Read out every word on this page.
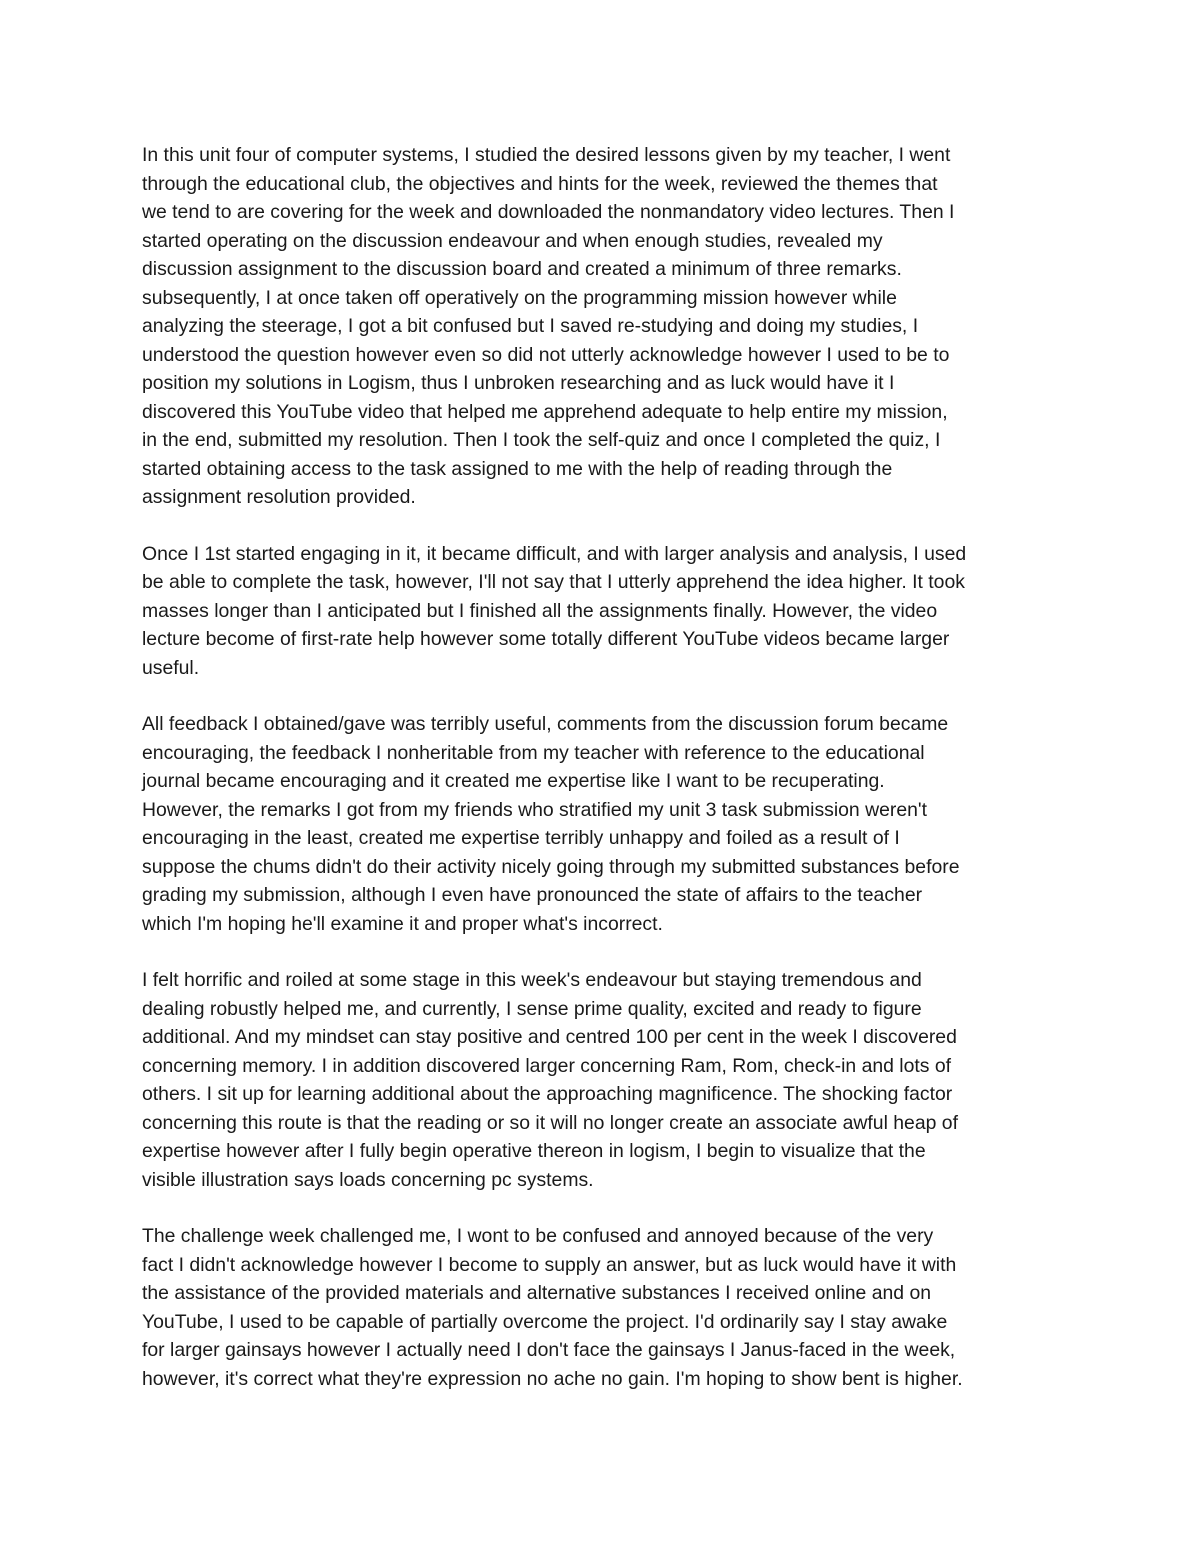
In this unit four of computer systems, I studied the desired lessons given by my teacher, I went
through the educational club, the objectives and hints for the week, reviewed the themes that
we tend to are covering for the week and downloaded the nonmandatory video lectures. Then I
started operating on the discussion endeavour and when enough studies, revealed my
discussion assignment to the discussion board and created a minimum of three remarks.
subsequently, I at once taken off operatively on the programming mission however while
analyzing the steerage, I got a bit confused but I saved re-studying and doing my studies, I
understood the question however even so did not utterly acknowledge however I used to be to
position my solutions in Logism, thus I unbroken researching and as luck would have it I
discovered this YouTube video that helped me apprehend adequate to help entire my mission,
in the end, submitted my resolution. Then I took the self-quiz and once I completed the quiz, I
started obtaining access to the task assigned to me with the help of reading through the
assignment resolution provided.

Once I 1st started engaging in it, it became difficult, and with larger analysis and analysis, I used
be able to complete the task, however, I'll not say that I utterly apprehend the idea higher. It took
masses longer than I anticipated but I finished all the assignments finally. However, the video
lecture become of first-rate help however some totally different YouTube videos became larger
useful.

All feedback I obtained/gave was terribly useful, comments from the discussion forum became
encouraging, the feedback I nonheritable from my teacher with reference to the educational
journal became encouraging and it created me expertise like I want to be recuperating.
However, the remarks I got from my friends who stratified my unit 3 task submission weren't
encouraging in the least, created me expertise terribly unhappy and foiled as a result of I
suppose the chums didn't do their activity nicely going through my submitted substances before
grading my submission, although I even have pronounced the state of affairs to the teacher
which I'm hoping he'll examine it and proper what's incorrect.

I felt horrific and roiled at some stage in this week's endeavour but staying tremendous and
dealing robustly helped me, and currently, I sense prime quality, excited and ready to figure
additional. And my mindset can stay positive and centred 100 per cent in the week I discovered
concerning memory. I in addition discovered larger concerning Ram, Rom, check-in and lots of
others. I sit up for learning additional about the approaching magnificence. The shocking factor
concerning this route is that the reading or so it will no longer create an associate awful heap of
expertise however after I fully begin operative thereon in logism, I begin to visualize that the
visible illustration says loads concerning pc systems.

The challenge week challenged me, I wont to be confused and annoyed because of the very
fact I didn't acknowledge however I become to supply an answer, but as luck would have it with
the assistance of the provided materials and alternative substances I received online and on
YouTube, I used to be capable of partially overcome the project. I'd ordinarily say I stay awake
for larger gainsays however I actually need I don't face the gainsays I Janus-faced in the week,
however, it's correct what they're expression no ache no gain. I'm hoping to show bent is higher.
